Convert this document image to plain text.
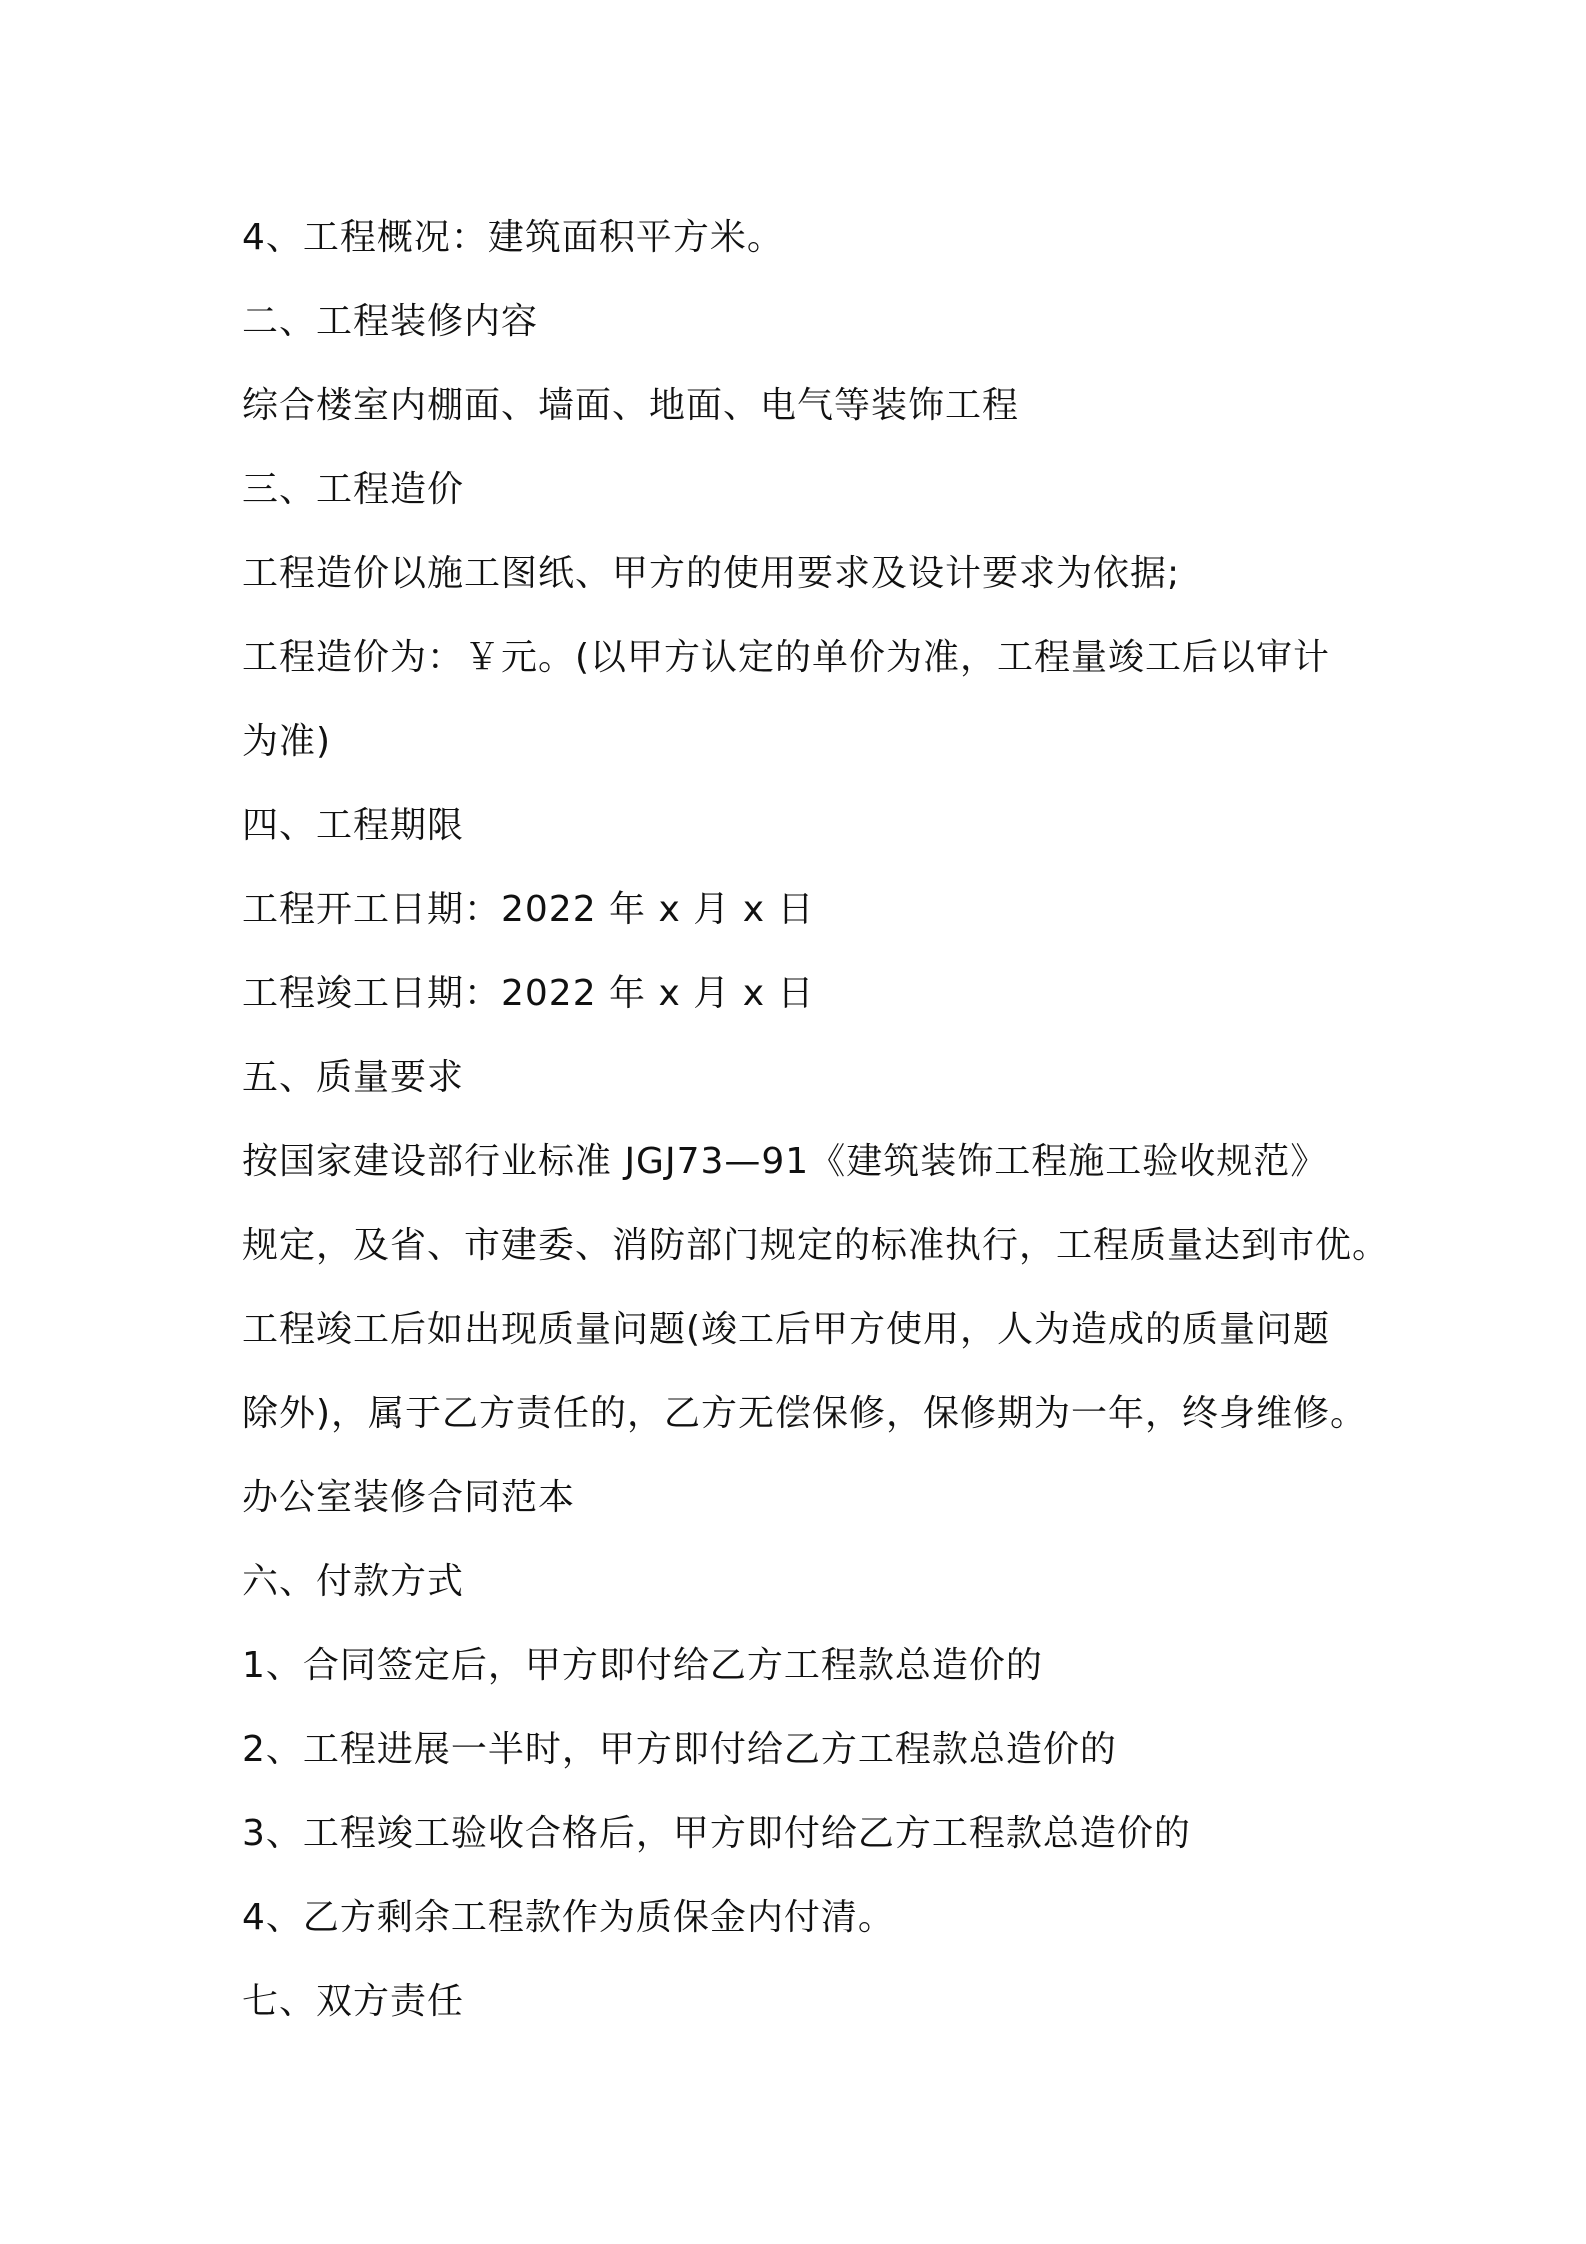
4、工程概况：建筑面积平方米。
二、工程装修内容
综合楼室内棚面、墙面、地面、电气等装饰工程
三、工程造价
工程造价以施工图纸、甲方的使用要求及设计要求为依据;
工程造价为：￥元。(以甲方认定的单价为准，工程量竣工后以审计
为准)
四、工程期限
工程开工日期：2022 年 x 月 x 日
工程竣工日期：2022 年 x 月 x 日
五、质量要求
按国家建设部行业标准 JGJ73—91《建筑装饰工程施工验收规范》
规定，及省、市建委、消防部门规定的标准执行，工程质量达到市优。
工程竣工后如出现质量问题(竣工后甲方使用，人为造成的质量问题
除外)，属于乙方责任的，乙方无偿保修，保修期为一年，终身维修。
办公室装修合同范本
六、付款方式
1、合同签定后，甲方即付给乙方工程款总造价的
2、工程进展一半时，甲方即付给乙方工程款总造价的
3、工程竣工验收合格后，甲方即付给乙方工程款总造价的
4、乙方剩余工程款作为质保金内付清。
七、双方责任
